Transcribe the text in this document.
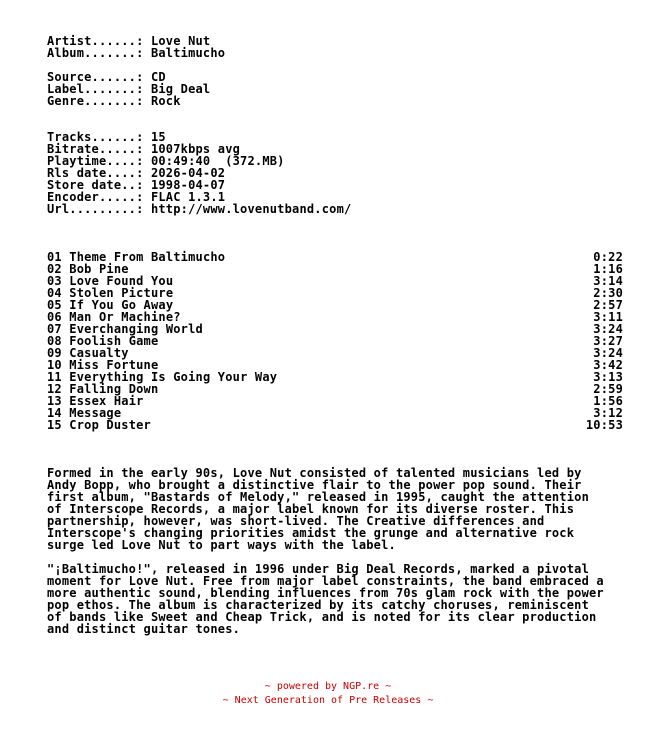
Artist......: Love Nut
Album.......: Baltimucho
Source......: CD
Label.......: Big Deal
Genre.......: Rock
Tracks......: 15
Bitrate.....: 1007kbps avg
Playtime....: 00:49:40  (372.MB)
Rls date....: 2026-04-02
Store date..: 1998-04-07
Encoder.....: FLAC 1.3.1
Url.........: http://www.lovenutband.com/
01 Theme From Baltimucho	0:22
02 Bob Pine	1:16
03 Love Found You	3:14
04 Stolen Picture	2:30
05 If You Go Away	2:57
06 Man Or Machine?	3:11
07 Everchanging World	3:24
08 Foolish Game	3:27
09 Casualty	3:24
10 Miss Fortune	3:42
11 Everything Is Going Your Way	3:13
12 Falling Down	2:59
13 Essex Hair	1:56
14 Message	3:12
15 Crop Duster	10:53
Formed in the early 90s, Love Nut consisted of talented musicians led by
Andy Bopp, who brought a distinctive flair to the power pop sound. Their
first album, "Bastards of Melody," released in 1995, caught the attention
of Interscope Records, a major label known for its diverse roster. This
partnership, however, was short-lived. The Creative differences and
Interscope's changing priorities amidst the grunge and alternative rock
surge led Love Nut to part ways with the label.
"¡Baltimucho!", released in 1996 under Big Deal Records, marked a pivotal
moment for Love Nut. Free from major label constraints, the band embraced a
more authentic sound, blending influences from 70s glam rock with the power
pop ethos. The album is characterized by its catchy choruses, reminiscent
of bands like Sweet and Cheap Trick, and is noted for its clear production
and distinct guitar tones.
~ powered by NGP.re ~
~ Next Generation of Pre Releases ~
